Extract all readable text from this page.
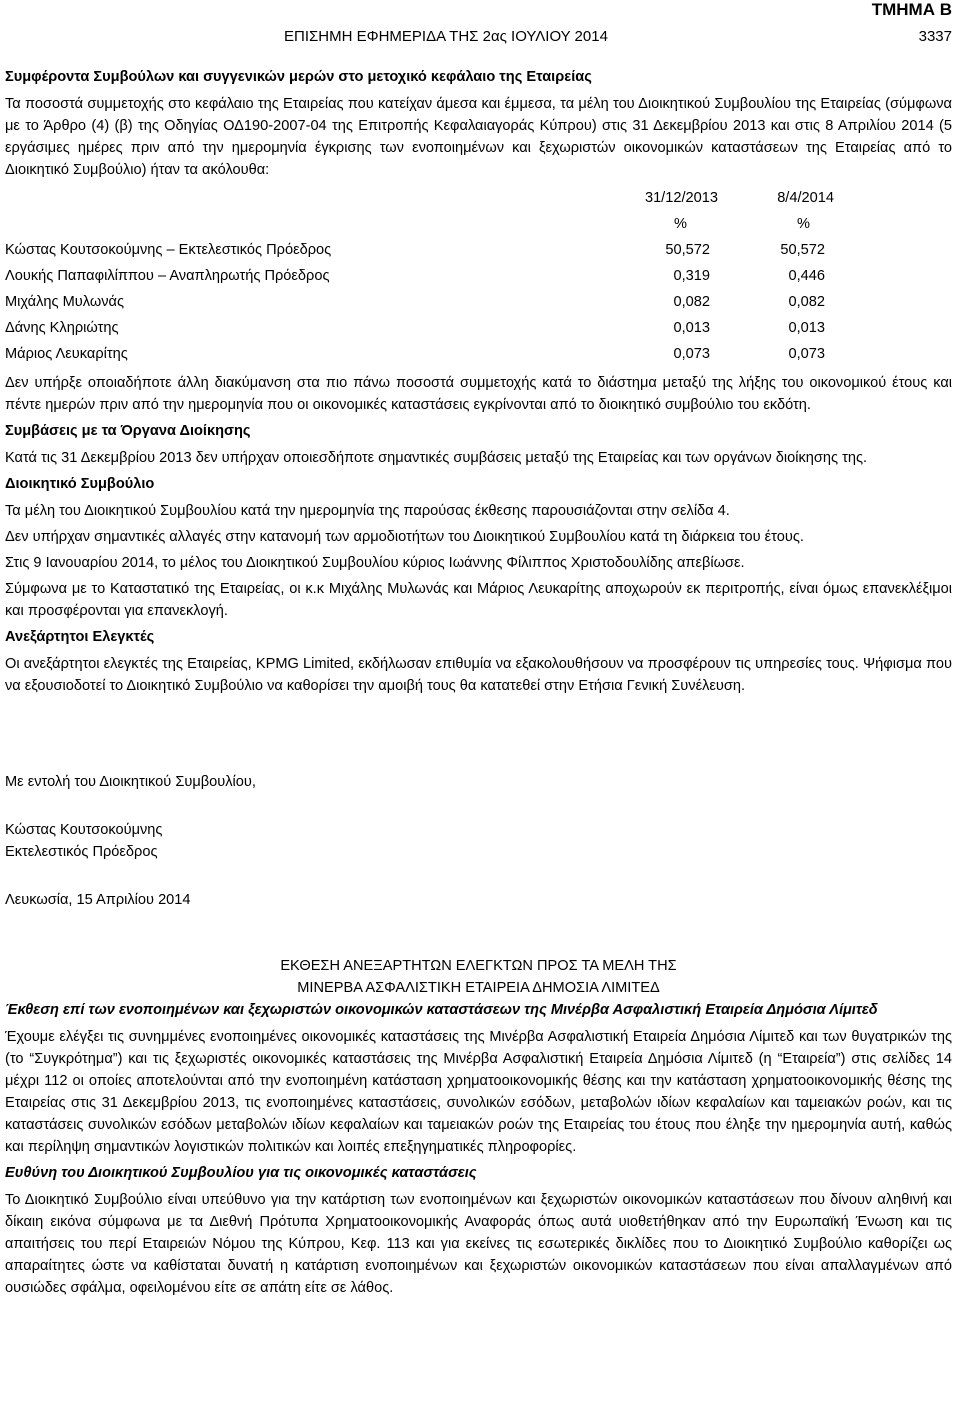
ΤΜΗΜΑ Β
ΕΠΙΣΗΜΗ ΕΦΗΜΕΡΙΔΑ ΤΗΣ 2ας ΙΟΥΛΙΟΥ 2014	3337
Συμφέροντα Συμβούλων και συγγενικών μερών στο μετοχικό κεφάλαιο της Εταιρείας

Τα ποσοστά συμμετοχής στο κεφάλαιο της Εταιρείας που κατείχαν άμεσα και έμμεσα, τα μέλη του Διοικητικού Συμβουλίου της Εταιρείας (σύμφωνα με το Άρθρο (4) (β) της Οδηγίας ΟΔ190-2007-04 της Επιτροπής Κεφαλαιαγοράς Κύπρου) στις 31 Δεκεμβρίου 2013 και στις 8 Απριλίου 2014 (5 εργάσιμες ημέρες πριν από την ημερομηνία έγκρισης των ενοποιημένων και ξεχωριστών οικονομικών καταστάσεων της Εταιρείας από το Διοικητικό Συμβούλιο) ήταν τα ακόλουθα:

31/12/2013	8/4/2014
%	%
Κώστας Κουτσοκούμνης – Εκτελεστικός Πρόεδρος	50,572	50,572
Λουκής Παπαφιλίππου – Αναπληρωτής Πρόεδρος	0,319	0,446
Μιχάλης Μυλωνάς	0,082	0,082
Δάνης Κληριώτης	0,013	0,013
Μάριος Λευκαρίτης	0,073	0,073

Δεν υπήρξε οποιαδήποτε άλλη διακύμανση στα πιο πάνω ποσοστά συμμετοχής κατά το διάστημα μεταξύ της λήξης του οικονομικού έτους και πέντε ημερών πριν από την ημερομηνία που οι οικονομικές καταστάσεις εγκρίνονται από το διοικητικό συμβούλιο του εκδότη.

Συμβάσεις με τα Όργανα Διοίκησης

Κατά τις 31 Δεκεμβρίου 2013 δεν υπήρχαν οποιεσδήποτε σημαντικές συμβάσεις μεταξύ της Εταιρείας και των οργάνων διοίκησης της.

Διοικητικό Συμβούλιο

Τα μέλη του Διοικητικού Συμβουλίου κατά την ημερομηνία της παρούσας έκθεσης παρουσιάζονται στην σελίδα 4.

Δεν υπήρχαν σημαντικές αλλαγές στην κατανομή των αρμοδιοτήτων του Διοικητικού Συμβουλίου κατά τη διάρκεια του έτους.

Στις 9 Ιανουαρίου 2014, το μέλος του Διοικητικού Συμβουλίου κύριος Ιωάννης Φίλιππος Χριστοδουλίδης απεβίωσε.

Σύμφωνα με το Καταστατικό της Εταιρείας, οι κ.κ Μιχάλης Μυλωνάς και Μάριος Λευκαρίτης αποχωρούν εκ περιτροπής, είναι όμως επανεκλέξιμοι και προσφέρονται για επανεκλογή.

Ανεξάρτητοι Ελεγκτές

Οι ανεξάρτητοι ελεγκτές της Εταιρείας, KPMG Limited, εκδήλωσαν επιθυμία να εξακολουθήσουν να προσφέρουν τις υπηρεσίες τους. Ψήφισμα που να εξουσιοδοτεί το Διοικητικό Συμβούλιο να καθορίσει την αμοιβή τους θα κατατεθεί στην Ετήσια Γενική Συνέλευση.

Με εντολή του Διοικητικού Συμβουλίου,
Κώστας Κουτσοκούμνης
Εκτελεστικός Πρόεδρος
Λευκωσία, 15 Απριλίου 2014
ΕΚΘΕΣΗ ΑΝΕΞΑΡΤΗΤΩΝ ΕΛΕΓΚΤΩΝ ΠΡΟΣ ΤΑ ΜΕΛΗ ΤΗΣ
ΜΙΝΕΡΒΑ ΑΣΦΑΛΙΣΤΙΚΗ ΕΤΑΙΡΕΙΑ ΔΗΜΟΣΙΑ ΛΙΜΙΤΕΔ
Έκθεση επί των ενοποιημένων και ξεχωριστών οικονομικών καταστάσεων της Μινέρβα Ασφαλιστική Εταιρεία Δημόσια Λίμιτεδ

Έχουμε ελέγξει τις συνημμένες ενοποιημένες οικονομικές καταστάσεις της Μινέρβα Ασφαλιστική Εταιρεία Δημόσια Λίμιτεδ και των θυγατρικών της (το “Συγκρότημα”) και τις ξεχωριστές οικονομικές καταστάσεις της Μινέρβα Ασφαλιστική Εταιρεία Δημόσια Λίμιτεδ (η “Εταιρεία”) στις σελίδες 14 μέχρι 112 οι οποίες αποτελούνται από την ενοποιημένη κατάσταση χρηματοοικονομικής θέσης και την κατάσταση χρηματοοικονομικής θέσης της Εταιρείας στις 31 Δεκεμβρίου 2013, τις ενοποιημένες καταστάσεις, συνολικών εσόδων, μεταβολών ιδίων κεφαλαίων και ταμειακών ροών, και τις καταστάσεις συνολικών εσόδων μεταβολών ιδίων κεφαλαίων και ταμειακών ροών της Εταιρείας του έτους που έληξε την ημερομηνία αυτή, καθώς και περίληψη σημαντικών λογιστικών πολιτικών και λοιπές επεξηγηματικές πληροφορίες.

Ευθύνη του Διοικητικού Συμβουλίου για τις οικονομικές καταστάσεις

Το Διοικητικό Συμβούλιο είναι υπεύθυνο για την κατάρτιση των ενοποιημένων και ξεχωριστών οικονομικών καταστάσεων που δίνουν αληθινή και δίκαιη εικόνα σύμφωνα με τα Διεθνή Πρότυπα Χρηματοοικονομικής Αναφοράς όπως αυτά υιοθετήθηκαν από την Ευρωπαϊκή Ένωση και τις απαιτήσεις του περί Εταιρειών Νόμου της Κύπρου, Κεφ. 113 και για εκείνες τις εσωτερικές δικλίδες που το Διοικητικό Συμβούλιο καθορίζει ως απαραίτητες ώστε να καθίσταται δυνατή η κατάρτιση ενοποιημένων και ξεχωριστών οικονομικών καταστάσεων που είναι απαλλαγμένων από ουσιώδες σφάλμα, οφειλομένου είτε σε απάτη είτε σε λάθος.
